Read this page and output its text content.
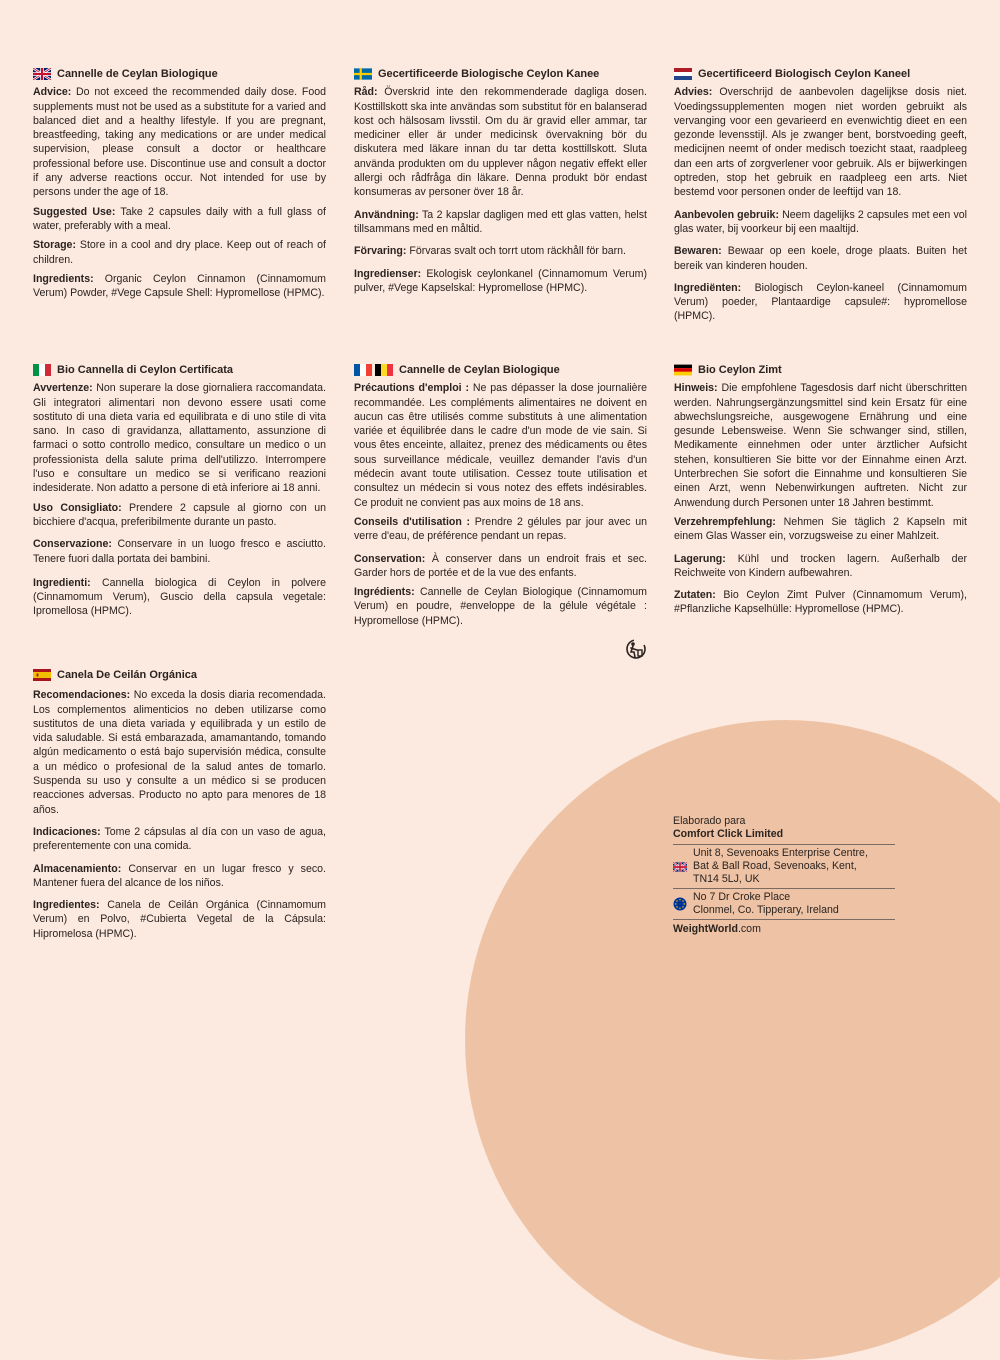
Cannelle de Ceylan Biologique

Advice: Do not exceed the recommended daily dose. Food supplements must not be used as a substitute for a varied and balanced diet and a healthy lifestyle. If you are pregnant, breastfeeding, taking any medications or are under medical supervision, please consult a doctor or healthcare professional before use. Discontinue use and consult a doctor if any adverse reactions occur. Not intended for use by persons under the age of 18.

Suggested Use: Take 2 capsules daily with a full glass of water, preferably with a meal.

Storage: Store in a cool and dry place. Keep out of reach of children.

Ingredients: Organic Ceylon Cinnamon (Cinnamomum Verum) Powder, #Vege Capsule Shell: Hypromellose (HPMC).

Gecertificeerde Biologische Ceylon Kanee

Råd: Överskrid inte den rekommenderade dagliga dosen. Kosttillskott ska inte användas som substitut för en balanserad kost och hälsosam livsstil. Om du är gravid eller ammar, tar mediciner eller är under medicinsk övervakning bör du diskutera med läkare innan du tar detta kosttillskott. Sluta använda produkten om du upplever någon negativ effekt eller allergi och rådfråga din läkare. Denna produkt bör endast konsumeras av personer över 18 år.

Användning: Ta 2 kapslar dagligen med ett glas vatten, helst tillsammans med en måltid.

Förvaring: Förvaras svalt och torrt utom räckhåll för barn.

Ingredienser: Ekologisk ceylonkanel (Cinnamomum Verum) pulver, #Vege Kapselskal: Hypromellose (HPMC).

Gecertificeerd Biologisch Ceylon Kaneel

Advies: Overschrijd de aanbevolen dagelijkse dosis niet. Voedingssupplementen mogen niet worden gebruikt als vervanging voor een gevarieerd en evenwichtig dieet en een gezonde levensstijl. Als je zwanger bent, borstvoeding geeft, medicijnen neemt of onder medisch toezicht staat, raadpleeg dan een arts of zorgverlener voor gebruik. Als er bijwerkingen optreden, stop het gebruik en raadpleeg een arts. Niet bestemd voor personen onder de leeftijd van 18.

Aanbevolen gebruik: Neem dagelijks 2 capsules met een vol glas water, bij voorkeur bij een maaltijd.

Bewaren: Bewaar op een koele, droge plaats. Buiten het bereik van kinderen houden.

Ingrediënten: Biologisch Ceylon-kaneel (Cinnamomum Verum) poeder, Plantaardige capsule#: hypromellose (HPMC).

Bio Cannella di Ceylon Certificata

Avvertenze: Non superare la dose giornaliera raccomandata. Gli integratori alimentari non devono essere usati come sostituto di una dieta varia ed equilibrata e di uno stile di vita sano. In caso di gravidanza, allattamento, assunzione di farmaci o sotto controllo medico, consultare un medico o un professionista della salute prima dell'utilizzo. Interrompere l'uso e consultare un medico se si verificano reazioni indesiderate. Non adatto a persone di età inferiore ai 18 anni.

Uso Consigliato: Prendere 2 capsule al giorno con un bicchiere d'acqua, preferibilmente durante un pasto.

Conservazione: Conservare in un luogo fresco e asciutto. Tenere fuori dalla portata dei bambini.

Ingredienti: Cannella biologica di Ceylon in polvere (Cinnamomum Verum), Guscio della capsula vegetale: Ipromellosa (HPMC).

Cannelle de Ceylan Biologique

Précautions d'emploi : Ne pas dépasser la dose journalière recommandée. Les compléments alimentaires ne doivent en aucun cas être utilisés comme substituts à une alimentation variée et équilibrée dans le cadre d'un mode de vie sain. Si vous êtes enceinte, allaitez, prenez des médicaments ou êtes sous surveillance médicale, veuillez demander l'avis d'un médecin avant toute utilisation. Cessez toute utilisation et consultez un médecin si vous notez des effets indésirables. Ce produit ne convient pas aux moins de 18 ans.

Conseils d'utilisation : Prendre 2 gélules par jour avec un verre d'eau, de préférence pendant un repas.

Conservation: À conserver dans un endroit frais et sec. Garder hors de portée et de la vue des enfants.

Ingrédients: Cannelle de Ceylan Biologique (Cinnamomum Verum) en poudre, #enveloppe de la gélule végétale : Hypromellose (HPMC).

Bio Ceylon Zimt

Hinweis: Die empfohlene Tagesdosis darf nicht überschritten werden. Nahrungsergänzungsmittel sind kein Ersatz für eine abwechslungsreiche, ausgewogene Ernährung und eine gesunde Lebensweise. Wenn Sie schwanger sind, stillen, Medikamente einnehmen oder unter ärztlicher Aufsicht stehen, konsultieren Sie bitte vor der Einnahme einen Arzt. Unterbrechen Sie sofort die Einnahme und konsultieren Sie einen Arzt, wenn Nebenwirkungen auftreten. Nicht zur Anwendung durch Personen unter 18 Jahren bestimmt.

Verzehrempfehlung: Nehmen Sie täglich 2 Kapseln mit einem Glas Wasser ein, vorzugsweise zu einer Mahlzeit.

Lagerung: Kühl und trocken lagern. Außerhalb der Reichweite von Kindern aufbewahren.

Zutaten: Bio Ceylon Zimt Pulver (Cinnamomum Verum), #Pflanzliche Kapselhülle: Hypromellose (HPMC).

Canela De Ceilán Orgánica

Recomendaciones: No exceda la dosis diaria recomendada. Los complementos alimenticios no deben utilizarse como sustitutos de una dieta variada y equilibrada y un estilo de vida saludable. Si está embarazada, amamantando, tomando algún medicamento o está bajo supervisión médica, consulte a un médico o profesional de la salud antes de tomarlo. Suspenda su uso y consulte a un médico si se producen reacciones adversas. Producto no apto para menores de 18 años.

Indicaciones: Tome 2 cápsulas al día con un vaso de agua, preferentemente con una comida.

Almacenamiento: Conservar en un lugar fresco y seco. Mantener fuera del alcance de los niños.

Ingredientes: Canela de Ceilán Orgánica (Cinnamomum Verum) en Polvo, #Cubierta Vegetal de la Cápsula: Hipromelosa (HPMC).

Elaborado para
Comfort Click Limited
Unit 8, Sevenoaks Enterprise Centre,
Bat & Ball Road, Sevenoaks, Kent,
TN14 5LJ, UK
No 7 Dr Croke Place
Clonmel, Co. Tipperary, Ireland
WeightWorld.com
